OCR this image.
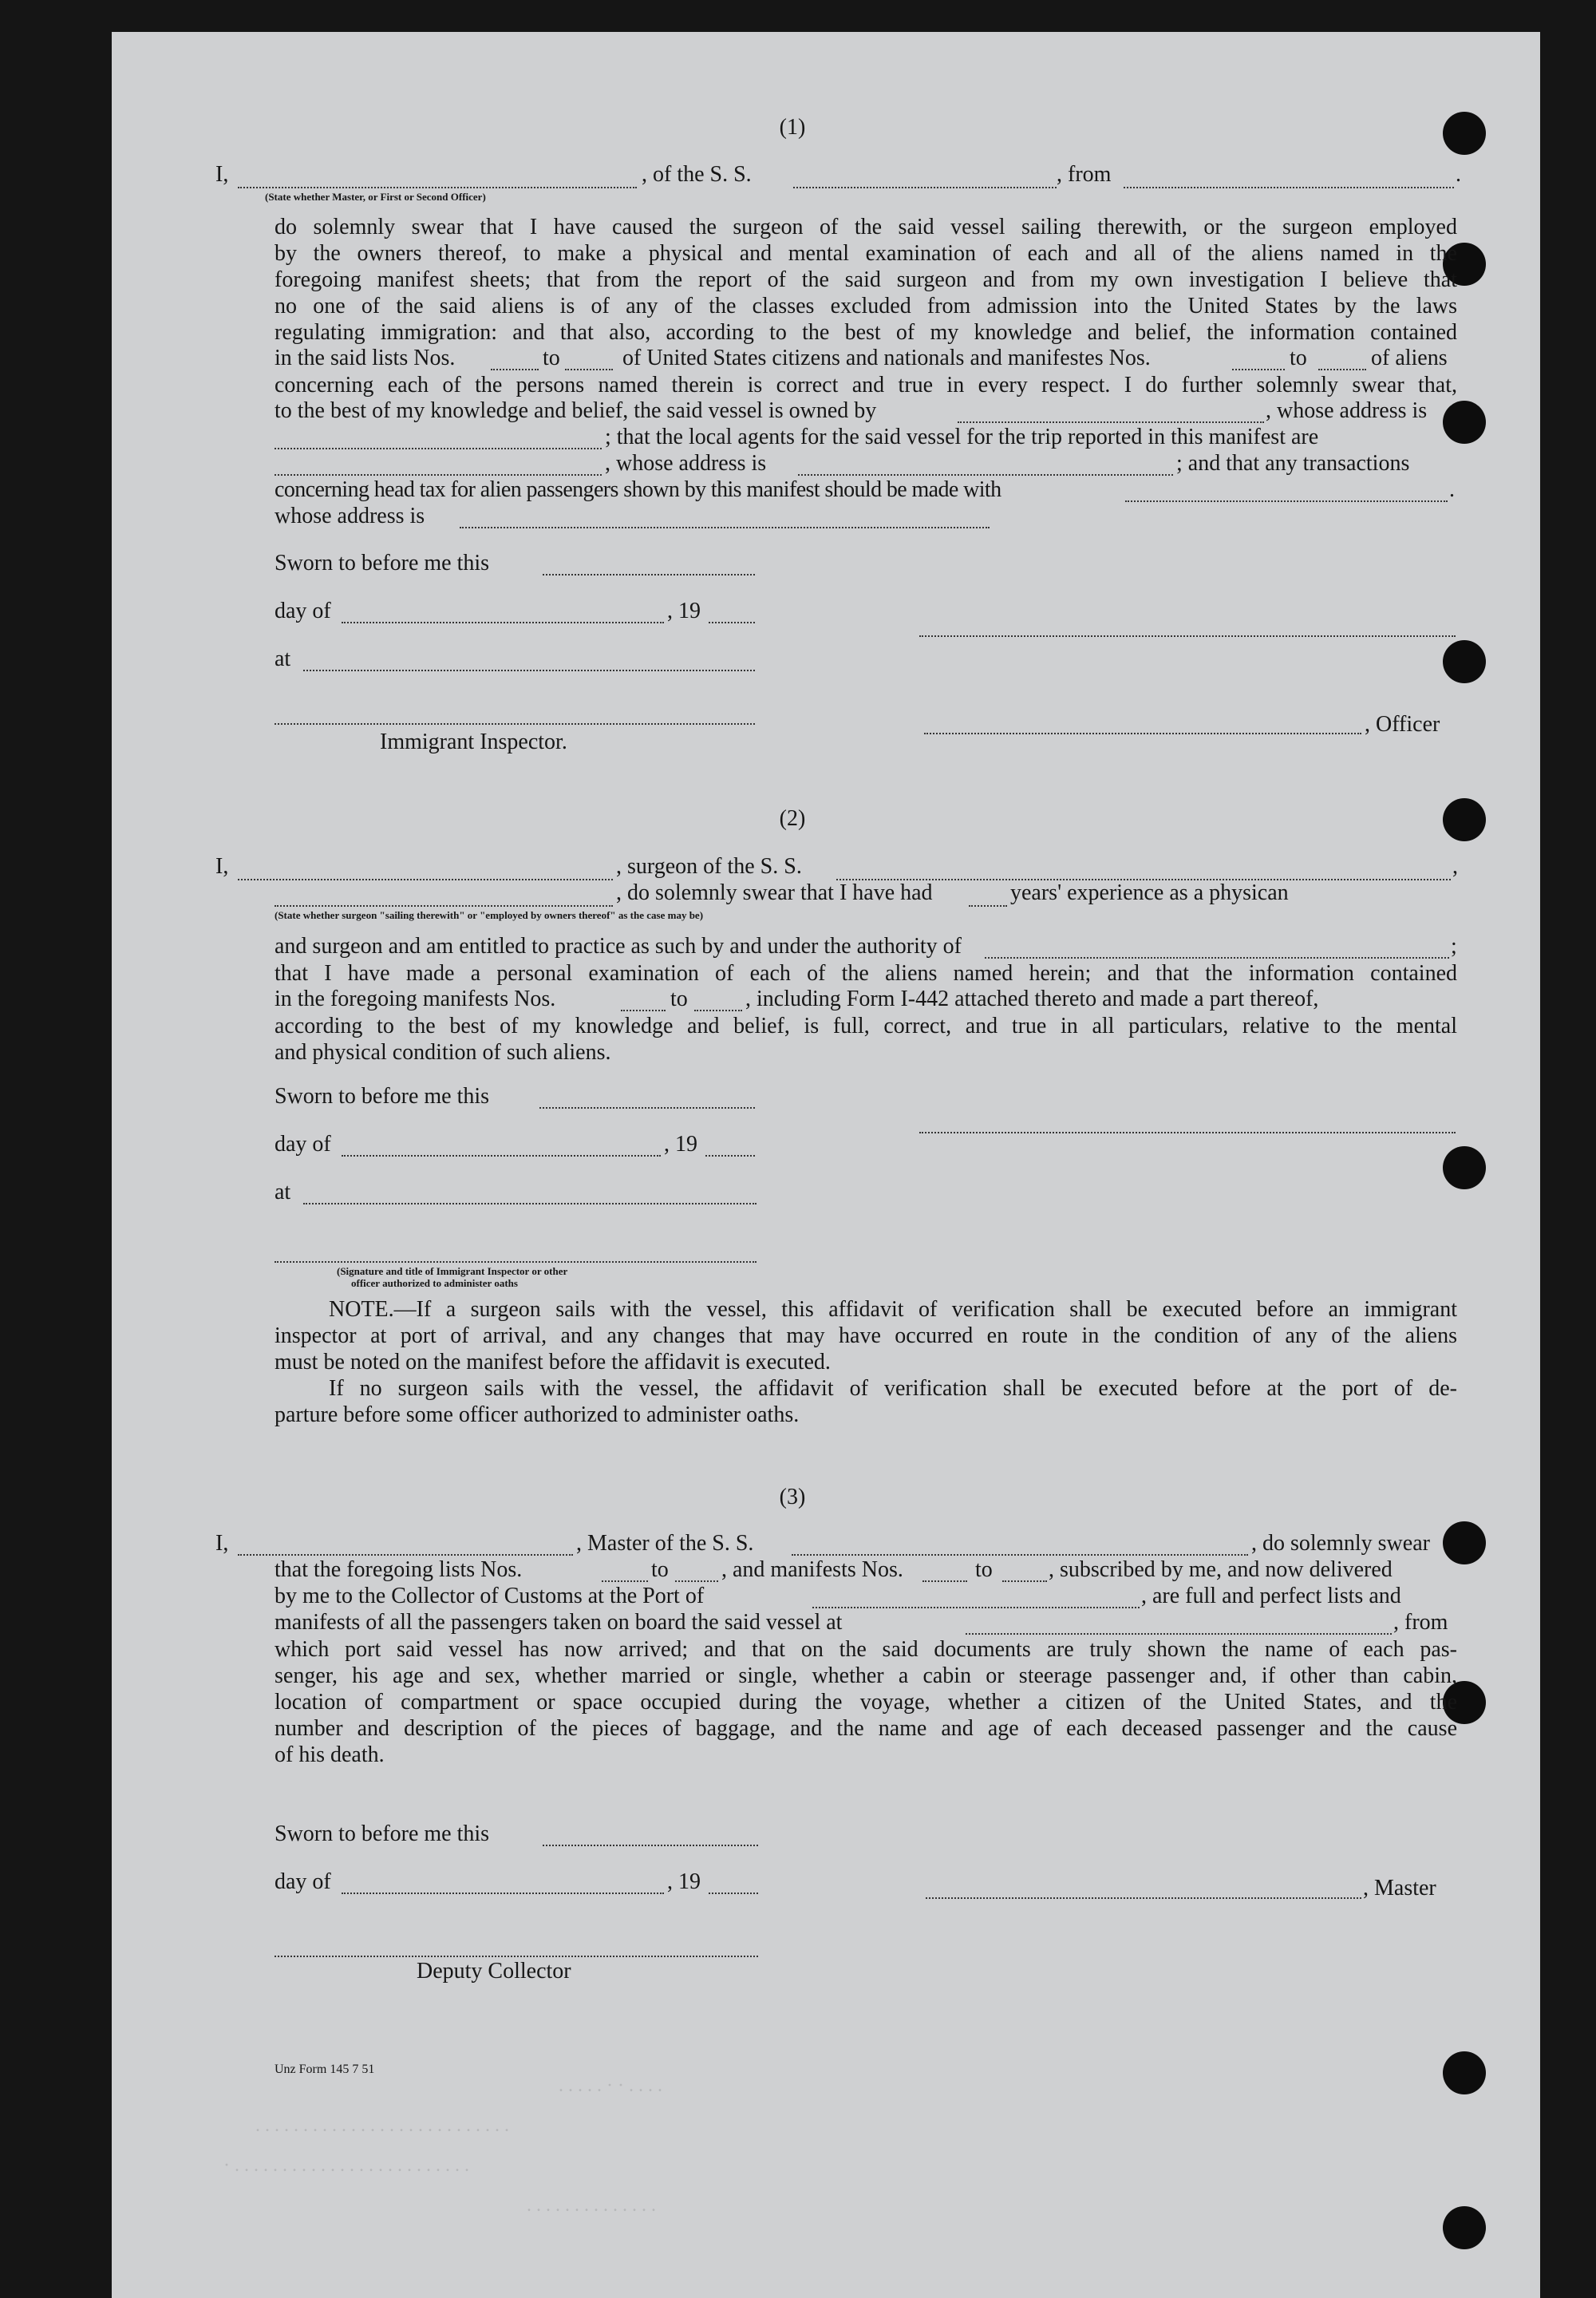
(1)
I,	, of the S. S.	, from	.
(State whether Master, or First or Second Officer)
do solemnly swear that I have caused the surgeon of the said vessel sailing therewith, or the surgeon employed
by the owners thereof, to make a physical and mental examination of each and all of the aliens named in the
foregoing manifest sheets; that from the report of the said surgeon and from my own investigation I believe that
no one of the said aliens is of any of the classes excluded from admission into the United States by the laws
regulating immigration: and that also, according to the best of my knowledge and belief, the information contained
in the said lists Nos.	to	of United States citizens and nationals and manifestes Nos.	to	of aliens
concerning each of the persons named therein is correct and true in every respect. I do further solemnly swear that,
to the best of my knowledge and belief, the said vessel is owned by	, whose address is
; that the local agents for the said vessel for the trip reported in this manifest are
, whose address is	; and that any transactions
concerning head tax for alien passengers shown by this manifest should be made with	.
whose address is
Sworn to before me this
day of	, 19
at
, Officer
Immigrant Inspector.
(2)
I,	, surgeon of the S. S.	,
, do solemnly swear that I have had	years' experience as a physican
(State whether surgeon "sailing therewith" or "employed by owners thereof" as the case may be)
and surgeon and am entitled to practice as such by and under the authority of	;
that I have made a personal examination of each of the aliens named herein; and that the information contained
in the foregoing manifests Nos.	to	, including Form I-442 attached thereto and made a part thereof,
according to the best of my knowledge and belief, is full, correct, and true in all particulars, relative to the mental
and physical condition of such aliens.
Sworn to before me this
day of	, 19
at
(Signature and title of Immigrant Inspector or other
officer authorized to administer oaths
NOTE.—If a surgeon sails with the vessel, this affidavit of verification shall be executed before an immigrant
inspector at port of arrival, and any changes that may have occurred en route in the condition of any of the aliens
must be noted on the manifest before the affidavit is executed.
If no surgeon sails with the vessel, the affidavit of verification shall be executed before at the port of de-
parture before some officer authorized to administer oaths.
(3)
I,	, Master of the S. S.	, do solemnly swear
that the foregoing lists Nos.	to , and manifests Nos.	to	, subscribed by me, and now delivered
by me to the Collector of Customs at the Port of	, are full and perfect lists and
manifests of all the passengers taken on board the said vessel at	, from
which port said vessel has now arrived; and that on the said documents are truly shown the name of each pas-
senger, his age and sex, whether married or single, whether a cabin or steerage passenger and, if other than cabin,
location of compartment or space occupied during the voyage, whether a citizen of the United States, and the
number and description of the pieces of baggage, and the name and age of each deceased passenger and the cause
of his death.
Sworn to before me this
day of	, 19	, Master
Deputy Collector
Unz Form 145 7 51
. . . . . · · . . . .
. . . . . . . . . . . . . . . . . . . . . . . . . . .
· . . . . . . . . . . . . . . . . . . . . . . . . .
. . . . . . . . . . . . . .
